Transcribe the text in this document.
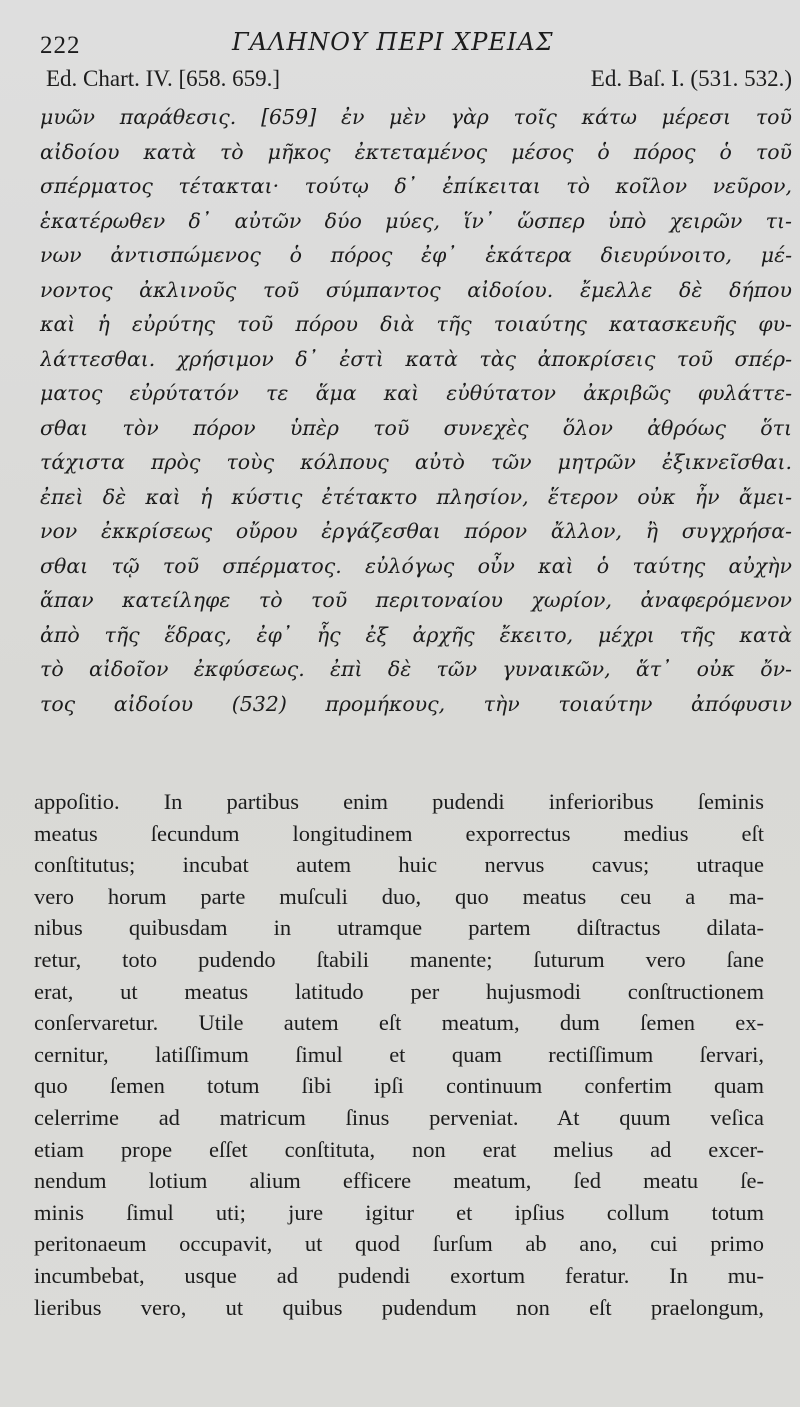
222	ΓΑΛΗΝΟΥ ΠΕΡΙ ΧΡΕΙΑΣ
Ed. Chart. IV. [658. 659.]	Ed. Baſ. I. (531. 532.)
μυῶν παράθεσις. [659] ἐν μὲν γὰρ τοῖς κάτω μέρεσι τοῦ
αἰδοίου κατὰ τὸ μῆκος ἐκτεταμένος μέσος ὁ πόρος ὁ τοῦ
σπέρματος τέτακται· τούτῳ δ᾽ ἐπίκειται τὸ κοῖλον νεῦρον,
ἑκατέρωθεν δ᾽ αὐτῶν δύο μύες, ἵν᾽ ὥσπερ ὑπὸ χειρῶν τι-
νων ἀντισπώμενος ὁ πόρος ἐφ᾽ ἑκάτερα διευρύνοιτο, μέ-
νοντος ἀκλινοῦς τοῦ σύμπαντος αἰδοίου. ἔμελλε δὲ δήπου
καὶ ἡ εὐρύτης τοῦ πόρου διὰ τῆς τοιαύτης κατασκευῆς φυ-
λάττεσθαι. χρήσιμον δ᾽ ἐστὶ κατὰ τὰς ἀποκρίσεις τοῦ σπέρ-
ματος εὐρύτατόν τε ἅμα καὶ εὐθύτατον ἀκριβῶς φυλάττε-
σθαι τὸν πόρον ὑπὲρ τοῦ συνεχὲς ὅλον ἀθρόως ὅτι
τάχιστα πρὸς τοὺς κόλπους αὐτὸ τῶν μητρῶν ἐξικνεῖσθαι.
ἐπεὶ δὲ καὶ ἡ κύστις ἐτέτακτο πλησίον, ἕτερον οὐκ ἦν ἄμει-
νον ἐκκρίσεως οὔρου ἐργάζεσθαι πόρον ἄλλον, ἢ συγχρήσα-
σθαι τῷ τοῦ σπέρματος. εὐλόγως οὖν καὶ ὁ ταύτης αὐχὴν
ἅπαν κατείληφε τὸ τοῦ περιτοναίου χωρίον, ἀναφερόμενον
ἀπὸ τῆς ἕδρας, ἐφ᾽ ἧς ἐξ ἀρχῆς ἔκειτο, μέχρι τῆς κατὰ
τὸ αἰδοῖον ἐκφύσεως. ἐπὶ δὲ τῶν γυναικῶν, ἅτ᾽ οὐκ ὄν-
τος αἰδοίου (532) προμήκους, τὴν τοιαύτην ἀπόφυσιν
appoſitio. In partibus enim pudendi inferioribus ſeminis
meatus ſecundum longitudinem exporrectus medius eſt
conſtitutus; incubat autem huic nervus cavus; utraque
vero horum parte muſculi duo, quo meatus ceu a ma-
nibus quibusdam in utramque partem diſtractus dilata-
retur, toto pudendo ſtabili manente; ſuturum vero ſane
erat, ut meatus latitudo per hujusmodi conſtructionem
conſervaretur. Utile autem eſt meatum, dum ſemen ex-
cernitur, latiſſimum ſimul et quam rectiſſimum ſervari,
quo ſemen totum ſibi ipſi continuum confertim quam
celerrime ad matricum ſinus perveniat. At quum veſica
etiam prope eſſet conſtituta, non erat melius ad excer-
nendum lotium alium efficere meatum, ſed meatu ſe-
minis ſimul uti; jure igitur et ipſius collum totum
peritonaeum occupavit, ut quod ſurſum ab ano, cui primo
incumbebat, usque ad pudendi exortum feratur. In mu-
lieribus vero, ut quibus pudendum non eſt praelongum,
